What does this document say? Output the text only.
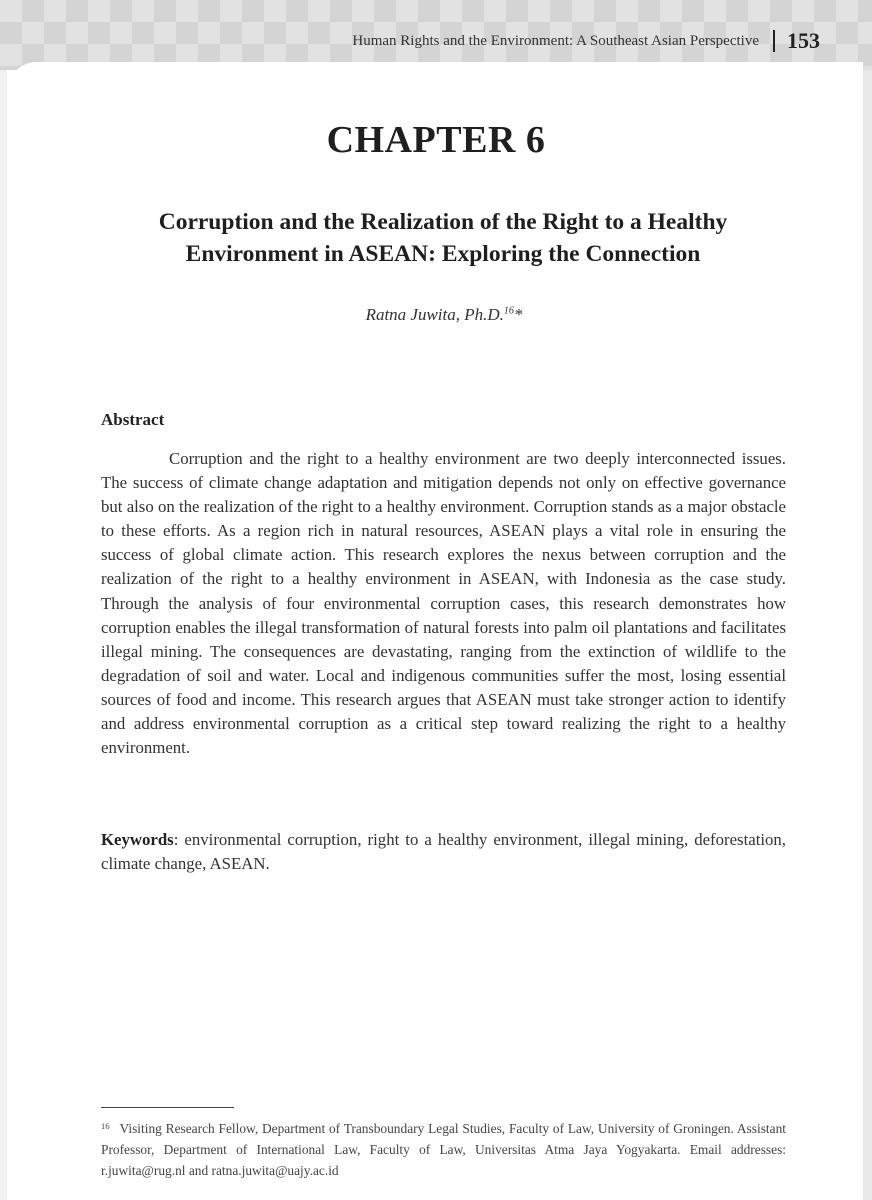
Human Rights and the Environment: A Southeast Asian Perspective 153
CHAPTER 6
Corruption and the Realization of the Right to a Healthy Environment in ASEAN: Exploring the Connection
Ratna Juwita, Ph.D.$^{16}$*
Abstract

Corruption and the right to a healthy environment are two deeply interconnected issues. The success of climate change adaptation and mitigation depends not only on effective governance but also on the realization of the right to a healthy environment. Corruption stands as a major obstacle to these efforts. As a region rich in natural resources, ASEAN plays a vital role in ensuring the success of global climate action. This research explores the nexus between corruption and the realization of the right to a healthy environment in ASEAN, with Indonesia as the case study. Through the analysis of four environmental corruption cases, this research demonstrates how corruption enables the illegal transformation of natural forests into palm oil plantations and facilitates illegal mining. The consequences are devastating, ranging from the extinction of wildlife to the degradation of soil and water. Local and indigenous communities suffer the most, losing essential sources of food and income. This research argues that ASEAN must take stronger action to identify and address environmental corruption as a critical step toward realizing the right to a healthy environment.

Keywords: environmental corruption, right to a healthy environment, illegal mining, deforestation, climate change, ASEAN.
$^{16}$ Visiting Research Fellow, Department of Transboundary Legal Studies, Faculty of Law, University of Groningen. Assistant Professor, Department of International Law, Faculty of Law, Universitas Atma Jaya Yogyakarta. Email addresses: r.juwita@rug.nl and ratna.juwita@uajy.ac.id
